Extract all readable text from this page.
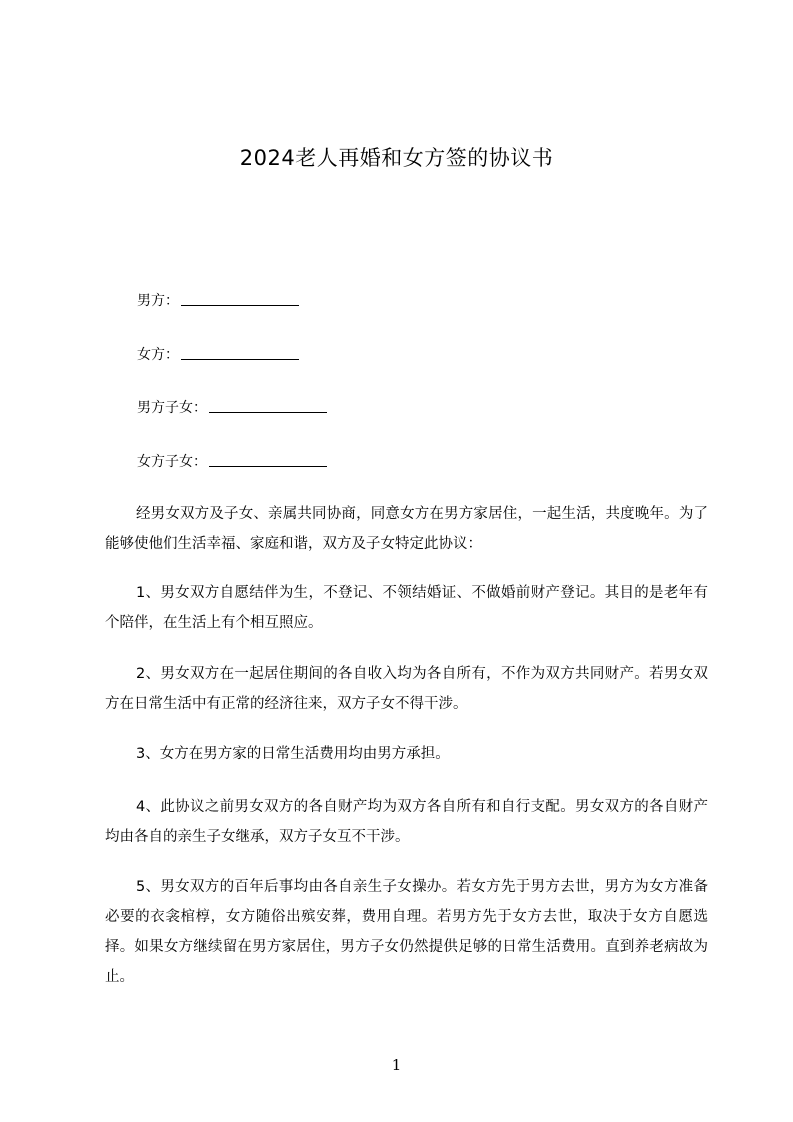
2024老人再婚和女方签的协议书
男方：
女方：
男方子女：
女方子女：
经男女双方及子女、亲属共同协商，同意女方在男方家居住，一起生活，共度晚年。为了能够使他们生活幸福、家庭和谐，双方及子女特定此协议：
1、男女双方自愿结伴为生，不登记、不领结婚证、不做婚前财产登记。其目的是老年有个陪伴，在生活上有个相互照应。
2、男女双方在一起居住期间的各自收入均为各自所有，不作为双方共同财产。若男女双方在日常生活中有正常的经济往来，双方子女不得干涉。
3、女方在男方家的日常生活费用均由男方承担。
4、此协议之前男女双方的各自财产均为双方各自所有和自行支配。男女双方的各自财产均由各自的亲生子女继承，双方子女互不干涉。
5、男女双方的百年后事均由各自亲生子女操办。若女方先于男方去世，男方为女方准备必要的衣衾棺椁，女方随俗出殡安葬，费用自理。若男方先于女方去世，取决于女方自愿选择。如果女方继续留在男方家居住，男方子女仍然提供足够的日常生活费用。直到养老病故为止。
1
